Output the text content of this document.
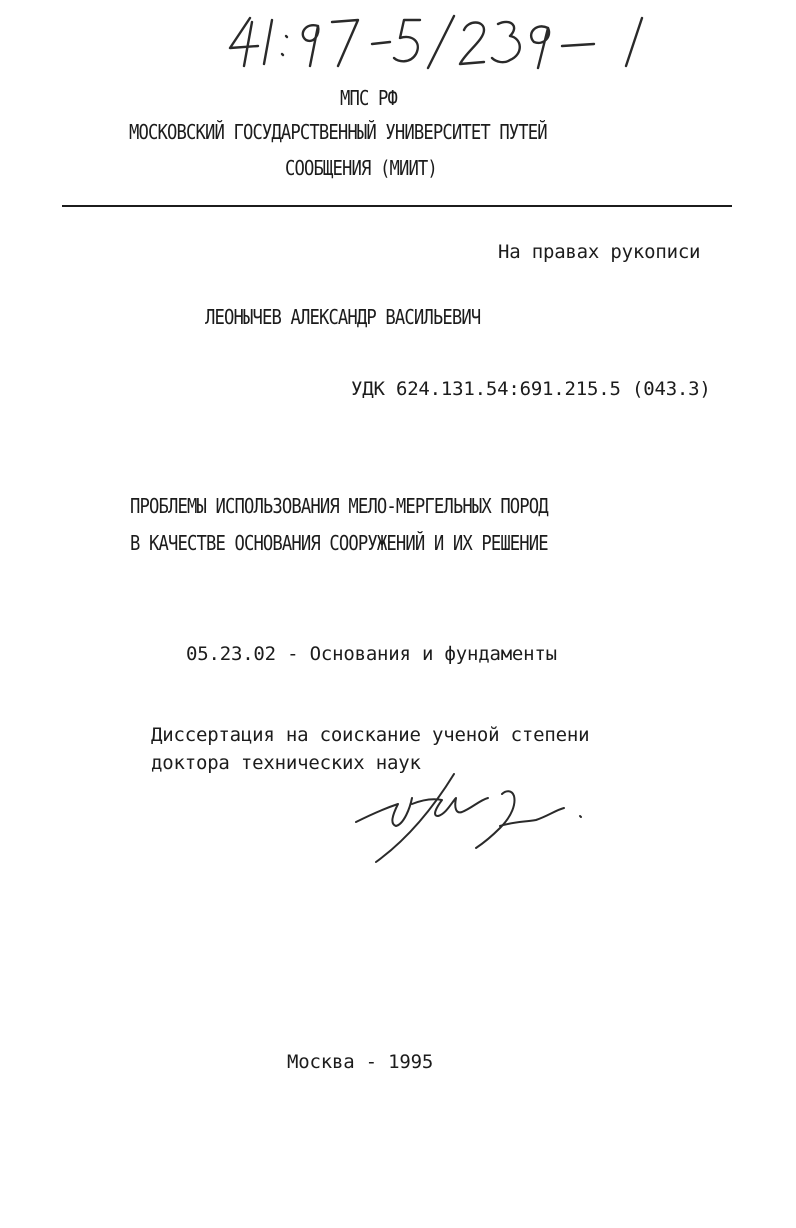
МПС РФ

МОСКОВСКИЙ ГОСУДАРСТВЕННЫЙ УНИВЕРСИТЕТ ПУТЕЙ

СООБЩЕНИЯ (МИИТ)

На правах рукописи

ЛЕОНЫЧЕВ АЛЕКСАНДР ВАСИЛЬЕВИЧ

УДК 624.131.54:691.215.5 (043.3)

ПРОБЛЕМЫ ИСПОЛЬЗОВАНИЯ МЕЛО-МЕРГЕЛЬНЫХ ПОРОД

В КАЧЕСТВЕ ОСНОВАНИЯ СООРУЖЕНИЙ И ИХ РЕШЕНИЕ

05.23.02 - Основания и фундаменты

Диссертация на соискание ученой степени

доктора технических наук

Москва - 1995
